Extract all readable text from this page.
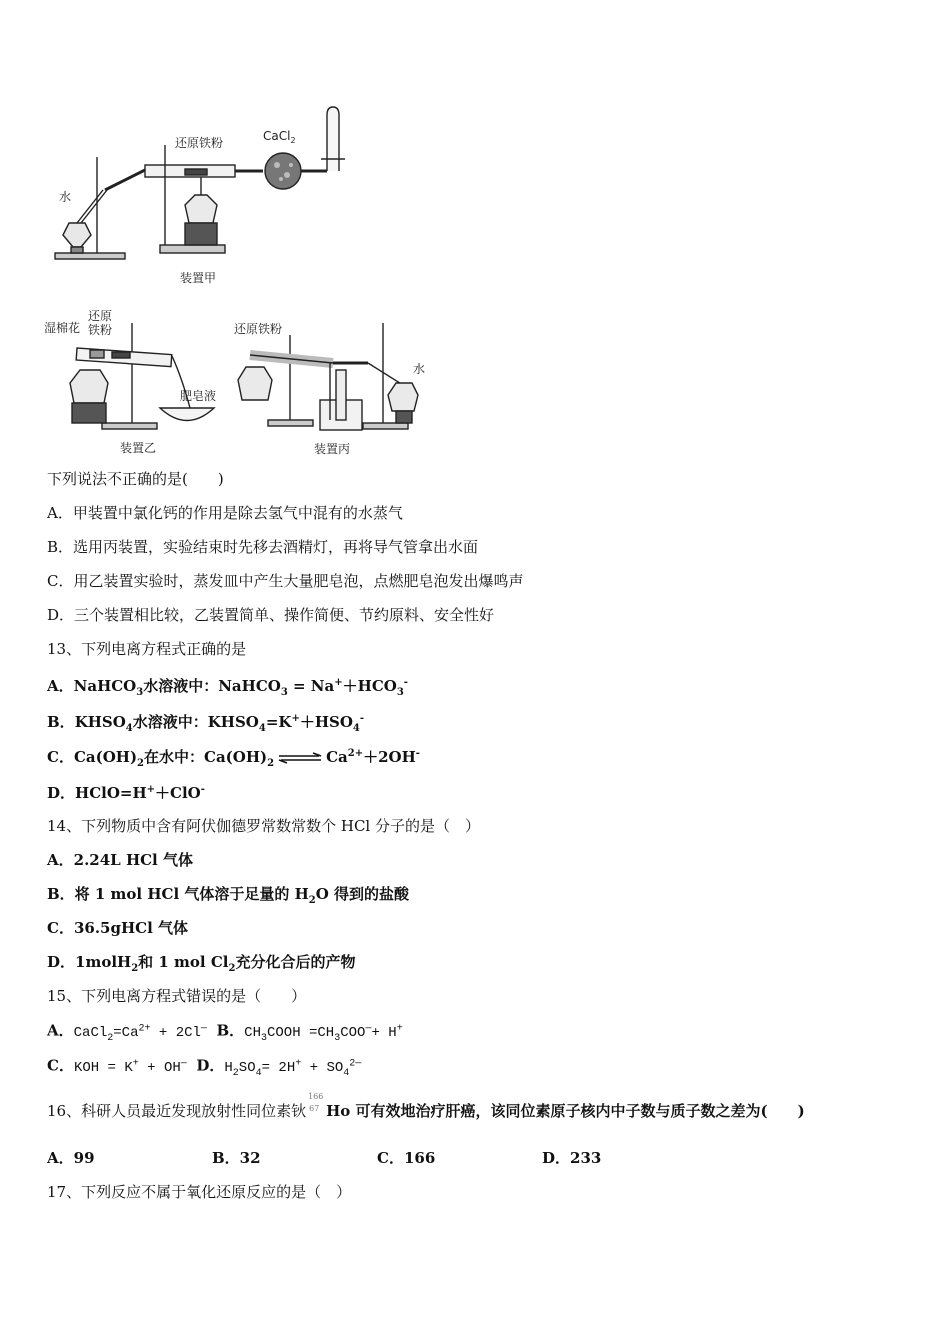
还原铁粉	CaCl$_2$
水
装置甲
湿棉花
还原
铁粉
肥皂液
装置乙
还原铁粉
水
装置丙
下列说法不正确的是(　　)
A．甲装置中氯化钙的作用是除去氢气中混有的水蒸气
B．选用丙装置，实验结束时先移去酒精灯，再将导气管拿出水面
C．用乙装置实验时，蒸发皿中产生大量肥皂泡，点燃肥皂泡发出爆鸣声
D．三个装置相比较，乙装置简单、操作简便、节约原料、安全性好
13、下列电离方程式正确的是
A．NaHCO$_3$水溶液中：NaHCO$_3$ = $Na^++HCO_3^-$
B．$KHSO_4$水溶液中：$KHSO_4=K^++HSO_4^-$
C．$Ca(OH)_2$在水中：$Ca(OH)_2$ ⇌ $Ca^{2+}+2OH^-$
D．HClO=H+＋ClO-
14、下列物质中含有阿伏伽德罗常数常数个 HCl 分子的是（　）
A．2.24L HCl 气体
B．将 1 mol HCl 气体溶于足量的 $H_2O$ 得到的盐酸
C．36.5gHCl 气体
D．1molH$_2$和 1 mol $Cl_2$充分化合后的产物
15、下列电离方程式错误的是（　　）
A．$CaCl_2=Ca^{2+} + 2Cl^—$ B．$CH_3COOH =CH_3COO^—+ H^+$
C．KOH = K+ + OH— D．$H_2SO_4= 2H^+ + SO_4^{2—}$
16、科研人员最近发现放射性同位素钬
166
67 Ho 可有效地治疗肝癌，该同位素原子核内中子数与质子数之差为(　　)
A．99	B．32	C．166	D．233
17、下列反应不属于氧化还原反应的是（　）
